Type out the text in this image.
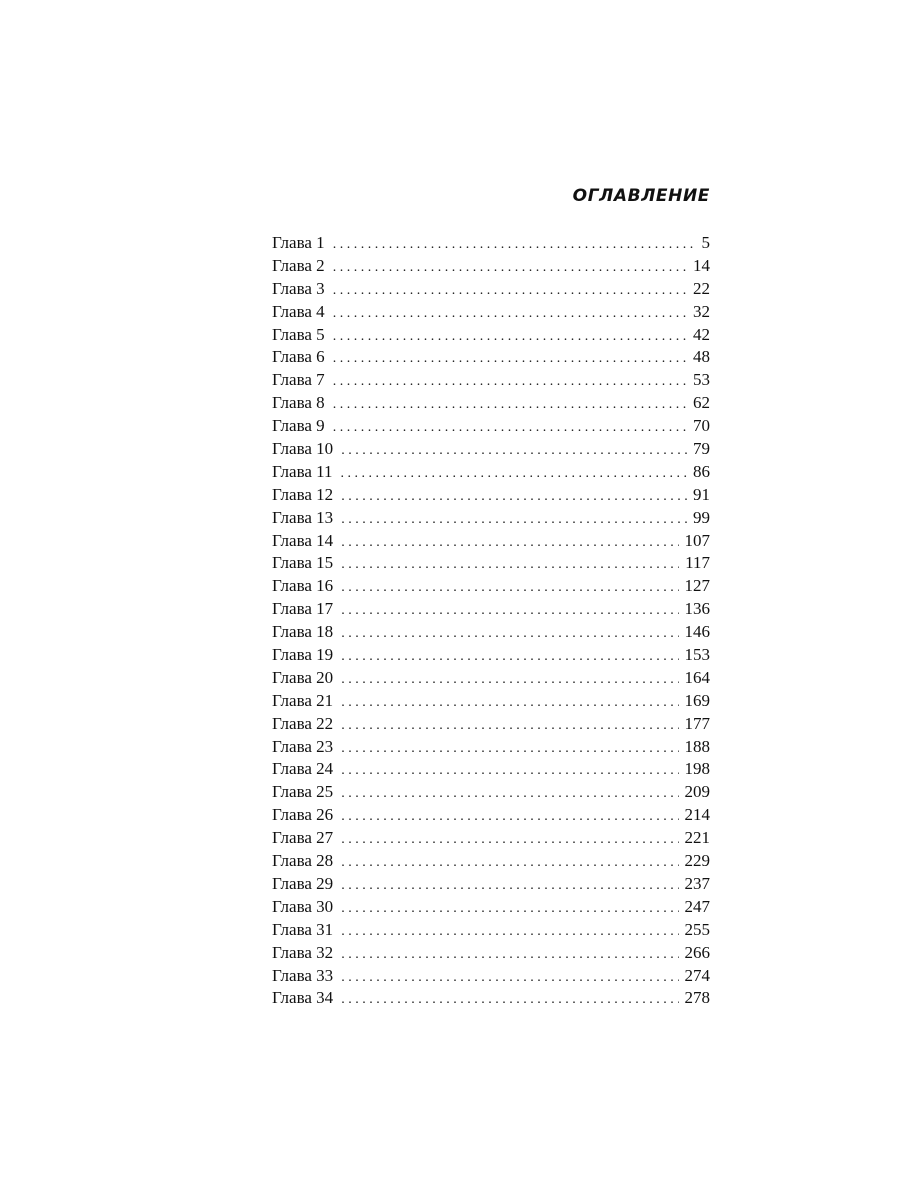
ОГЛАВЛЕНИЕ
Глава 1 . . .	5
Глава 2 . . .	14
Глава 3 . . .	22
Глава 4 . . .	32
Глава 5 . . .	42
Глава 6 . . .	48
Глава 7 . . .	53
Глава 8 . . .	62
Глава 9 . . .	70
Глава 10 . . .	79
Глава 11 . . .	86
Глава 12 . . .	91
Глава 13 . . .	99
Глава 14 . . .	107
Глава 15 . . .	117
Глава 16 . . .	127
Глава 17 . . .	136
Глава 18 . . .	146
Глава 19 . . .	153
Глава 20 . . .	164
Глава 21 . . .	169
Глава 22 . . .	177
Глава 23 . . .	188
Глава 24 . . .	198
Глава 25 . . .	209
Глава 26 . . .	214
Глава 27 . . .	221
Глава 28 . . .	229
Глава 29 . . .	237
Глава 30 . . .	247
Глава 31 . . .	255
Глава 32 . . .	266
Глава 33 . . .	274
Глава 34 . . .	278
